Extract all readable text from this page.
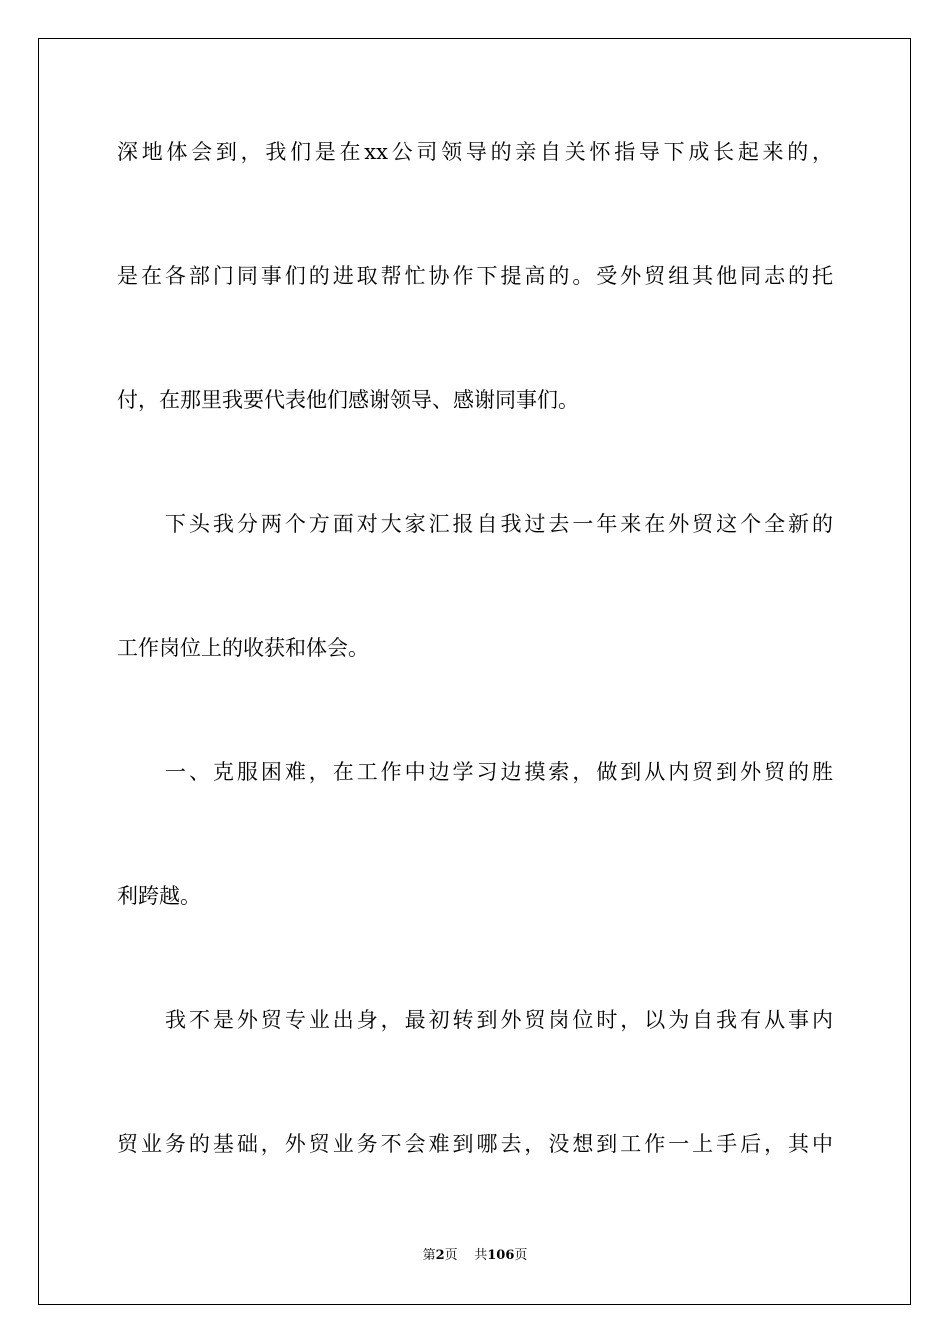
深地体会到，我们是在xx公司领导的亲自关怀指导下成长起来的，
是在各部门同事们的进取帮忙协作下提高的。受外贸组其他同志的托
付，在那里我要代表他们感谢领导、感谢同事们。
下头我分两个方面对大家汇报自我过去一年来在外贸这个全新的
工作岗位上的收获和体会。
一、克服困难，在工作中边学习边摸索，做到从内贸到外贸的胜
利跨越。
我不是外贸专业出身，最初转到外贸岗位时，以为自我有从事内
贸业务的基础，外贸业务不会难到哪去，没想到工作一上手后，其中
第2页 共106页
